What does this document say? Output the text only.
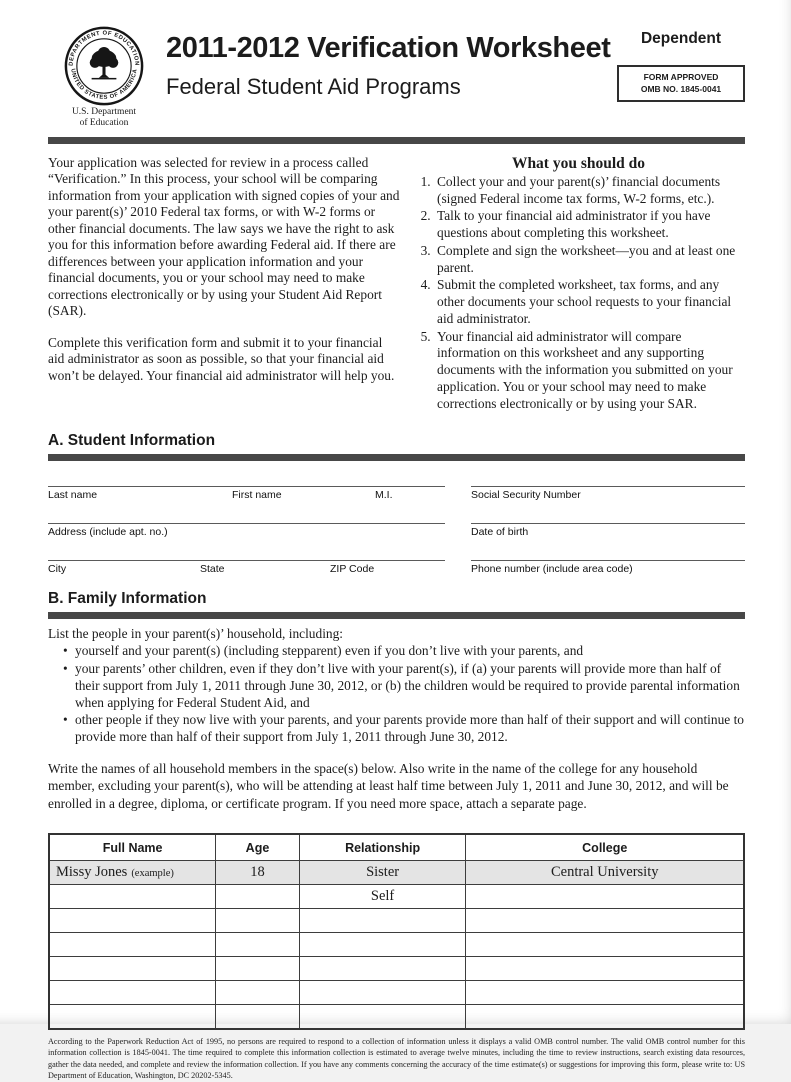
DEPARTMENT OF EDUCATION
UNITED STATES OF AMERICA
U.S. Department
of Education
2011-2012 Verification Worksheet
Federal Student Aid Programs
Dependent
FORM APPROVED
OMB NO. 1845-0041

Your application was selected for review in a process called “Verification.” In this process, your school will be comparing information from your application with signed copies of your and your parent(s)’ 2010 Federal tax forms, or with W-2 forms or other financial documents. The law says we have the right to ask you for this information before awarding Federal aid. If there are differences between your application information and your financial documents, you or your school may need to make corrections electronically or by using your Student Aid Report (SAR).

Complete this verification form and submit it to your financial aid administrator as soon as possible, so that your financial aid won’t be delayed. Your financial aid administrator will help you.

What you should do
1. Collect your and your parent(s)’ financial documents (signed Federal income tax forms, W-2 forms, etc.).
2. Talk to your financial aid administrator if you have questions about completing this worksheet.
3. Complete and sign the worksheet—you and at least one parent.
4. Submit the completed worksheet, tax forms, and any other documents your school requests to your financial aid administrator.
5. Your financial aid administrator will compare information on this worksheet and any supporting documents with the information you submitted on your application. You or your school may need to make corrections electronically or by using your SAR.
A. Student Information
Last name	First name	M.I.
Address (include apt. no.)
City	State	ZIP Code
Social Security Number
Date of birth
Phone number (include area code)
B. Family Information
List the people in your parent(s)’ household, including:
• yourself and your parent(s) (including stepparent) even if you don’t live with your parents, and
• your parents’ other children, even if they don’t live with your parent(s), if (a) your parents will provide more than half of their support from July 1, 2011 through June 30, 2012, or (b) the children would be required to provide parental information when applying for Federal Student Aid, and
• other people if they now live with your parents, and your parents provide more than half of their support and will continue to provide more than half of their support from July 1, 2011 through June 30, 2012.
Write the names of all household members in the space(s) below. Also write in the name of the college for any household member, excluding your parent(s), who will be attending at least half time between July 1, 2011 and June 30, 2012, and will be enrolled in a degree, diploma, or certificate program. If you need more space, attach a separate page.
Full Name	Age	Relationship	College
Missy Jones (example)	18	Sister	Central University
		Self	

According to the Paperwork Reduction Act of 1995, no persons are required to respond to a collection of information unless it displays a valid OMB control number. The valid OMB control number for this information collection is 1845-0041. The time required to complete this information collection is estimated to average twelve minutes, including the time to review instructions, search existing data resources, gather the data needed, and complete and review the information collection. If you have any comments concerning the accuracy of the time estimate(s) or suggestions for improving this form, please write to: US Department of Education, Washington, DC 20202-5345.
